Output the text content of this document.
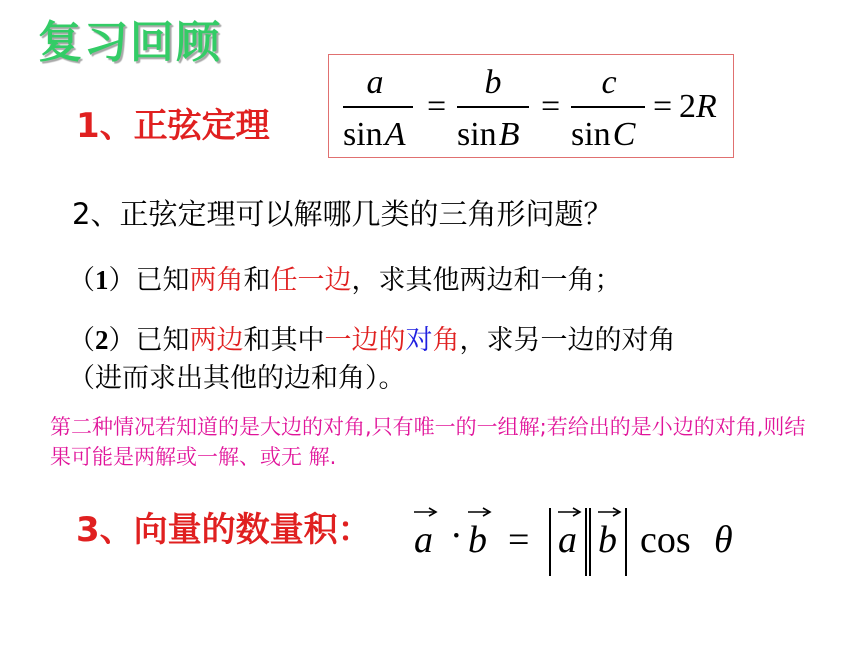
复习回顾
1、正弦定理
a
sinA
=
b
sinB
=
c
sinC
= 2R
2、正弦定理可以解哪几类的三角形问题？
（1）已知两角和任一边，求其他两边和一角；
（2）已知两边和其中一边的对角，求另一边的对角
（进而求出其他的边和角）。
第二种情况若知道的是大边的对角,只有唯一的一组解;若给出的是小边的对角,则结果可能是两解或一解、或无 解.
3、向量的数量积： a · b = a b cos θ
